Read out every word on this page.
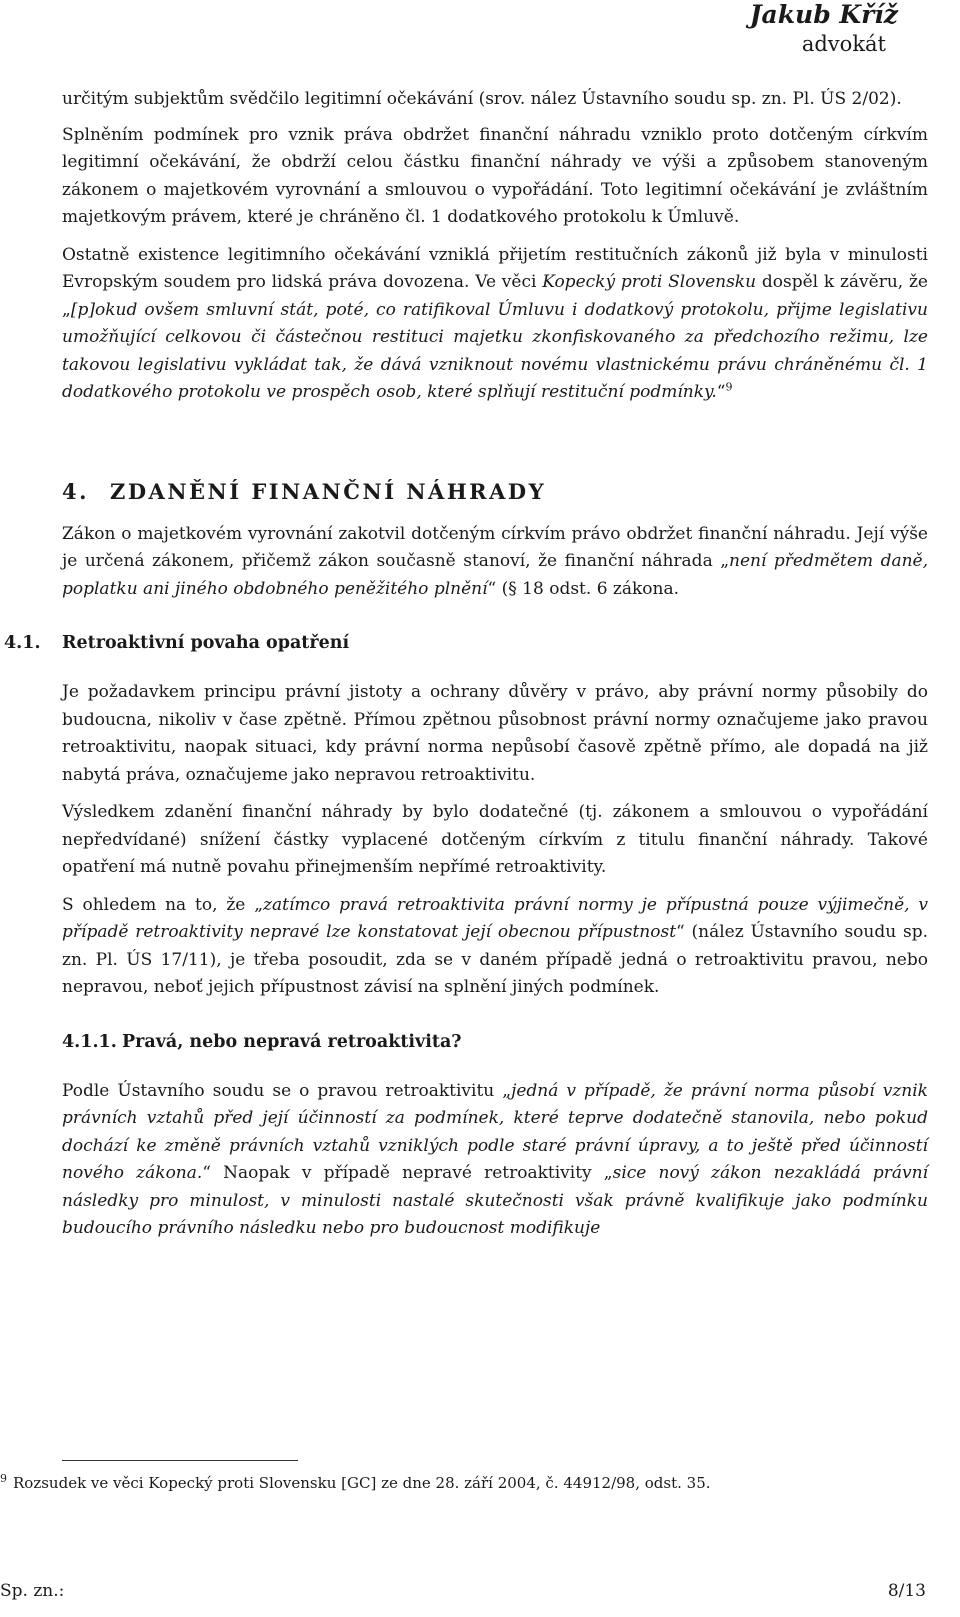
Jakub Kříž
advokát

určitým subjektům svědčilo legitimní očekávání (srov. nález Ústavního soudu sp. zn. Pl. ÚS 2/02).

Splněním podmínek pro vznik práva obdržet finanční náhradu vzniklo proto dotčeným církvím legitimní očekávání, že obdrží celou částku finanční náhrady ve výši a způsobem stanoveným zákonem o majetkovém vyrovnání a smlouvou o vypořádání. Toto legitimní očekávání je zvláštním majetkovým právem, které je chráněno čl. 1 dodatkového protokolu k Úmluvě.

Ostatně existence legitimního očekávání vzniklá přijetím restitučních zákonů již byla v minulosti Evropským soudem pro lidská práva dovozena. Ve věci Kopecký proti Slovensku dospěl k závěru, že „[p]okud ovšem smluvní stát, poté, co ratifikoval Úmluvu i dodatkový protokolu, přijme legislativu umožňující celkovou či částečnou restituci majetku zkonfiskovaného za předchozího režimu, lze takovou legislativu vykládat tak, že dává vzniknout novému vlastnickému právu chráněnému čl. 1 dodatkového protokolu ve prospěch osob, které splňují restituční podmínky.“$^9$

4. ZDANĚNÍ FINANČNÍ NÁHRADY

Zákon o majetkovém vyrovnání zakotvil dotčeným církvím právo obdržet finanční náhradu. Její výše je určená zákonem, přičemž zákon současně stanoví, že finanční náhrada „není předmětem daně, poplatku ani jiného obdobného peněžitého plnění“ (§ 18 odst. 6 zákona.

4.1. Retroaktivní povaha opatření

Je požadavkem principu právní jistoty a ochrany důvěry v právo, aby právní normy působily do budoucna, nikoliv v čase zpětně. Přímou zpětnou působnost právní normy označujeme jako pravou retroaktivitu, naopak situaci, kdy právní norma nepůsobí časově zpětně přímo, ale dopadá na již nabytá práva, označujeme jako nepravou retroaktivitu.

Výsledkem zdanění finanční náhrady by bylo dodatečné (tj. zákonem a smlouvou o vypořádání nepředvídané) snížení částky vyplacené dotčeným církvím z titulu finanční náhrady. Takové opatření má nutně povahu přinejmenším nepřímé retroaktivity.

S ohledem na to, že „zatímco pravá retroaktivita právní normy je přípustná pouze výjimečně, v případě retroaktivity nepravé lze konstatovat její obecnou přípustnost“ (nález Ústavního soudu sp. zn. Pl. ÚS 17/11), je třeba posoudit, zda se v daném případě jedná o retroaktivitu pravou, nebo nepravou, neboť jejich přípustnost závisí na splnění jiných podmínek.

4.1.1. Pravá, nebo nepravá retroaktivita?

Podle Ústavního soudu se o pravou retroaktivitu „jedná v případě, že právní norma působí vznik právních vztahů před její účinností za podmínek, které teprve dodatečně stanovila, nebo pokud dochází ke změně právních vztahů vzniklých podle staré právní úpravy, a to ještě před účinností nového zákona.“ Naopak v případě nepravé retroaktivity „sice nový zákon nezakládá právní následky pro minulost, v minulosti nastalé skutečnosti však právně kvalifikuje jako podmínku budoucího právního následku nebo pro budoucnost modifikuje

$^9$ Rozsudek ve věci Kopecký proti Slovensku [GC] ze dne 28. září 2004, č. 44912/98, odst. 35.
Sp. zn.:	8/13
